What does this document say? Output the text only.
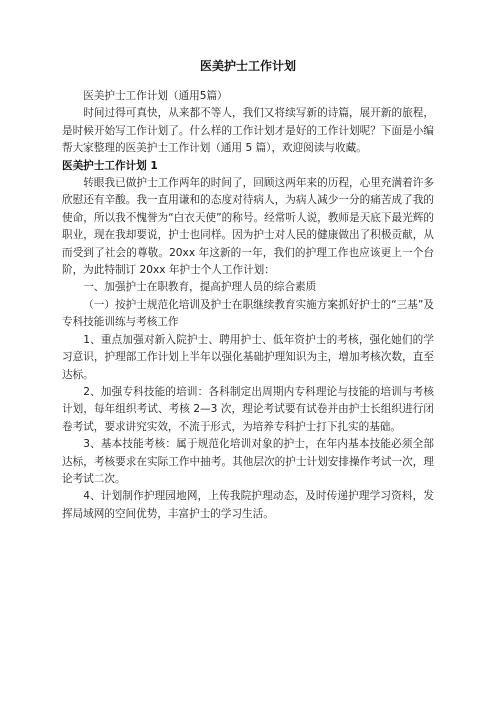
医美护士工作计划

医美护士工作计划（通用5篇）

时间过得可真快，从来都不等人，我们又将续写新的诗篇，展开新的旅程，是时候开始写工作计划了。什么样的工作计划才是好的工作计划呢？下面是小编帮大家整理的医美护士工作计划（通用 5 篇），欢迎阅读与收藏。

医美护士工作计划 1

转眼我已做护士工作两年的时间了，回顾这两年来的历程，心里充满着许多欣慰还有辛酸。我一直用谦和的态度对待病人，为病人减少一分的痛苦成了我的使命，所以我不愧誉为“白衣天使”的称号。经常听人说，教师是天底下最光辉的职业，现在我却要说，护士也同样。因为护士对人民的健康做出了积极贡献，从而受到了社会的尊敬。20xx 年这新的一年，我们的护理工作也应该更上一个台阶，为此特制订 20xx 年护士个人工作计划：

一、加强护士在职教育，提高护理人员的综合素质

（一）按护士规范化培训及护士在职继续教育实施方案抓好护士的“三基”及专科技能训练与考核工作

1、重点加强对新入院护士、聘用护士、低年资护士的考核，强化她们的学习意识，护理部工作计划上半年以强化基础护理知识为主，增加考核次数，直至达标。

2、加强专科技能的培训：各科制定出周期内专科理论与技能的培训与考核计划，每年组织考试、考核 2—3 次，理论考试要有试卷并由护士长组织进行闭卷考试，要求讲究实效，不流于形式，为培养专科护士打下扎实的基础。

3、基本技能考核：属于规范化培训对象的护士，在年内基本技能必须全部达标，考核要求在实际工作中抽考。其他层次的护士计划安排操作考试一次，理论考试二次。

4、计划制作护理园地网，上传我院护理动态，及时传递护理学习资料，发挥局域网的空间优势，丰富护士的学习生活。
